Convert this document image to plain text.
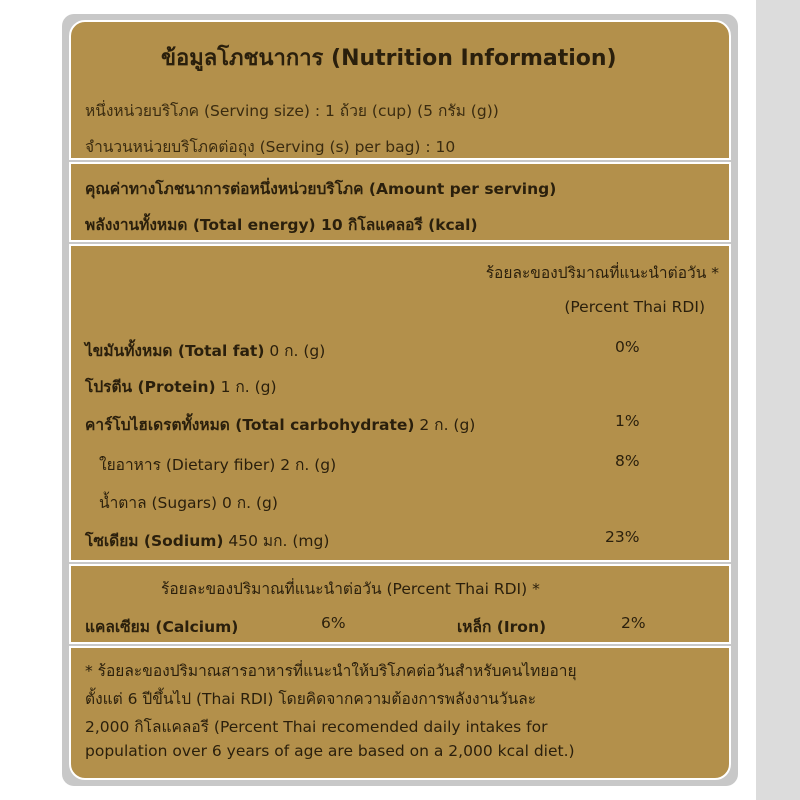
ข้อมูลโภชนาการ (Nutrition Information)
หนึ่งหน่วยบริโภค (Serving size) : 1 ถ้วย (cup) (5 กรัม (g))
จำนวนหน่วยบริโภคต่อถุง (Serving (s) per bag) : 10
คุณค่าทางโภชนาการต่อหนึ่งหน่วยบริโภค (Amount per serving)
พลังงานทั้งหมด (Total energy) 10 กิโลแคลอรี (kcal)
ร้อยละของปริมาณที่แนะนำต่อวัน *
(Percent Thai RDI)
ไขมันทั้งหมด (Total fat) 0 ก. (g)	0%
โปรตีน (Protein) 1 ก. (g)
คาร์โบไฮเดรตทั้งหมด (Total carbohydrate) 2 ก. (g)	1%
ใยอาหาร (Dietary fiber) 2 ก. (g)	8%
น้ำตาล (Sugars) 0 ก. (g)
โซเดียม (Sodium) 450 มก. (mg)	23%
ร้อยละของปริมาณที่แนะนำต่อวัน (Percent Thai RDI) *
แคลเซียม (Calcium)	6%	เหล็ก (Iron)	2%
* ร้อยละของปริมาณสารอาหารที่แนะนำให้บริโภคต่อวันสำหรับคนไทยอายุ
ตั้งแต่ 6 ปีขึ้นไป (Thai RDI) โดยคิดจากความต้องการพลังงานวันละ
2,000 กิโลแคลอรี (Percent Thai recomended daily intakes for
population over 6 years of age are based on a 2,000 kcal diet.)
